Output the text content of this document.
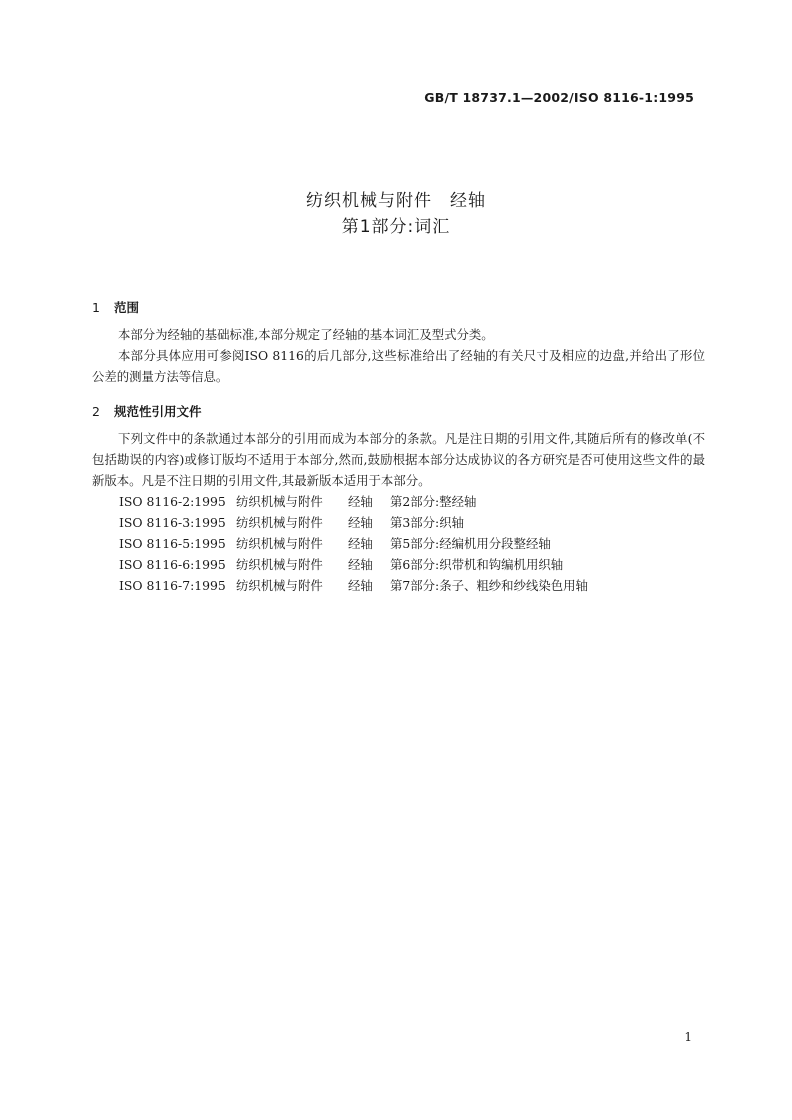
GB/T 18737.1—2002/ISO 8116-1:1995
纺织机械与附件　经轴
第1部分:词汇
1 范围

本部分为经轴的基础标准,本部分规定了经轴的基本词汇及型式分类。

本部分具体应用可参阅ISO 8116的后几部分,这些标准给出了经轴的有关尺寸及相应的边盘,并给出了形位公差的测量方法等信息。

2 规范性引用文件

下列文件中的条款通过本部分的引用而成为本部分的条款。凡是注日期的引用文件,其随后所有的修改单(不包括勘误的内容)或修订版均不适用于本部分,然而,鼓励根据本部分达成协议的各方研究是否可使用这些文件的最新版本。凡是不注日期的引用文件,其最新版本适用于本部分。

ISO 8116-2:1995 纺织机械与附件 经轴 第2部分:整经轴
ISO 8116-3:1995 纺织机械与附件 经轴 第3部分:织轴
ISO 8116-5:1995 纺织机械与附件 经轴 第5部分:经编机用分段整经轴
ISO 8116-6:1995 纺织机械与附件 经轴 第6部分:织带机和钩编机用织轴
ISO 8116-7:1995 纺织机械与附件 经轴 第7部分:条子、粗纱和纱线染色用轴
1
